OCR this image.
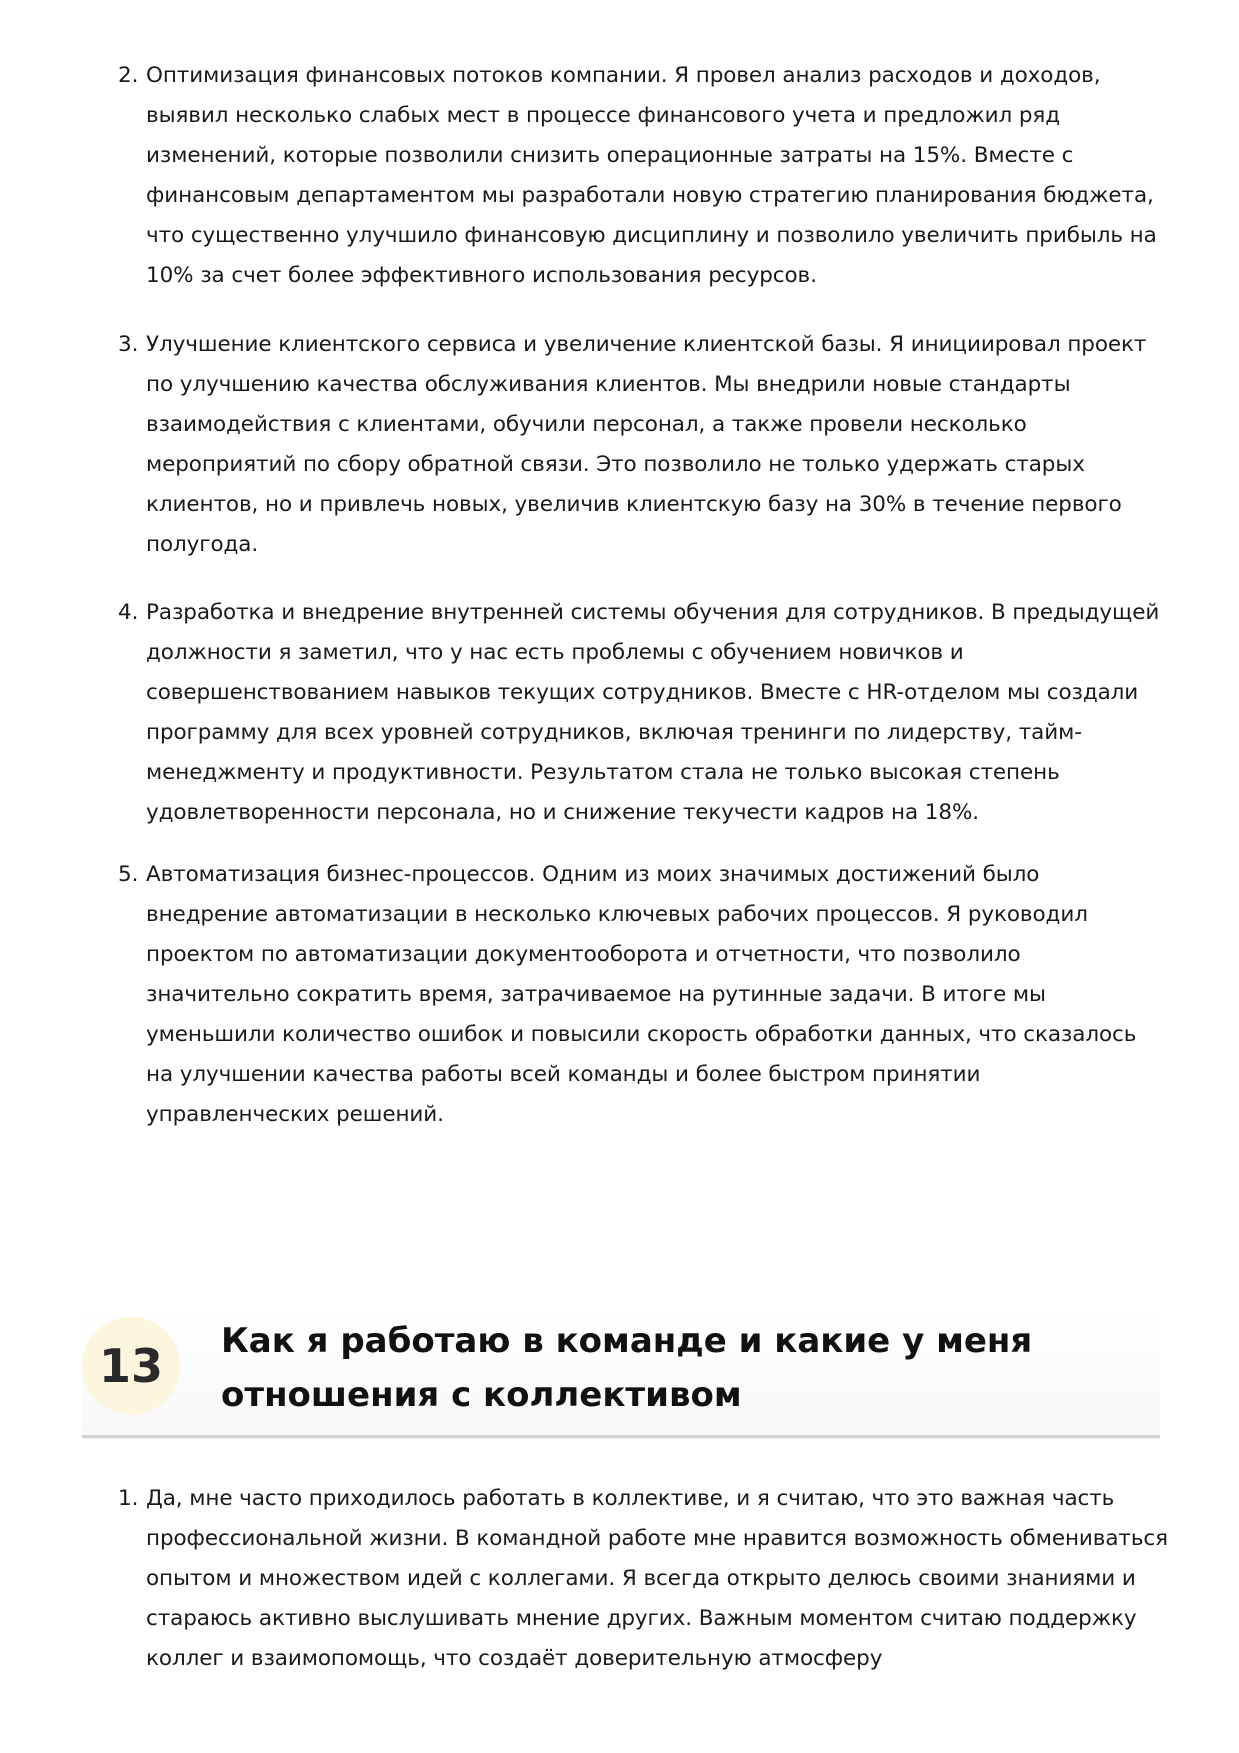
2. Оптимизация финансовых потоков компании. Я провел анализ расходов и доходов, выявил несколько слабых мест в процессе финансового учета и предложил ряд изменений, которые позволили снизить операционные затраты на 15%. Вместе с финансовым департаментом мы разработали новую стратегию планирования бюджета, что существенно улучшило финансовую дисциплину и позволило увеличить прибыль на 10% за счет более эффективного использования ресурсов.
3. Улучшение клиентского сервиса и увеличение клиентской базы. Я инициировал проект по улучшению качества обслуживания клиентов. Мы внедрили новые стандарты взаимодействия с клиентами, обучили персонал, а также провели несколько мероприятий по сбору обратной связи. Это позволило не только удержать старых клиентов, но и привлечь новых, увеличив клиентскую базу на 30% в течение первого полугода.
4. Разработка и внедрение внутренней системы обучения для сотрудников. В предыдущей должности я заметил, что у нас есть проблемы с обучением новичков и совершенствованием навыков текущих сотрудников. Вместе с HR-отделом мы создали программу для всех уровней сотрудников, включая тренинги по лидерству, тайм-менеджменту и продуктивности. Результатом стала не только высокая степень удовлетворенности персонала, но и снижение текучести кадров на 18%.
5. Автоматизация бизнес-процессов. Одним из моих значимых достижений было внедрение автоматизации в несколько ключевых рабочих процессов. Я руководил проектом по автоматизации документооборота и отчетности, что позволило значительно сократить время, затрачиваемое на рутинные задачи. В итоге мы уменьшили количество ошибок и повысили скорость обработки данных, что сказалось на улучшении качества работы всей команды и более быстром принятии управленческих решений.
13	Как я работаю в команде и какие у меня отношения с коллективом
1. Да, мне часто приходилось работать в коллективе, и я считаю, что это важная часть профессиональной жизни. В командной работе мне нравится возможность обмениваться опытом и множеством идей с коллегами. Я всегда открыто делюсь своими знаниями и стараюсь активно выслушивать мнение других. Важным моментом считаю поддержку коллег и взаимопомощь, что создаёт доверительную атмосферу
